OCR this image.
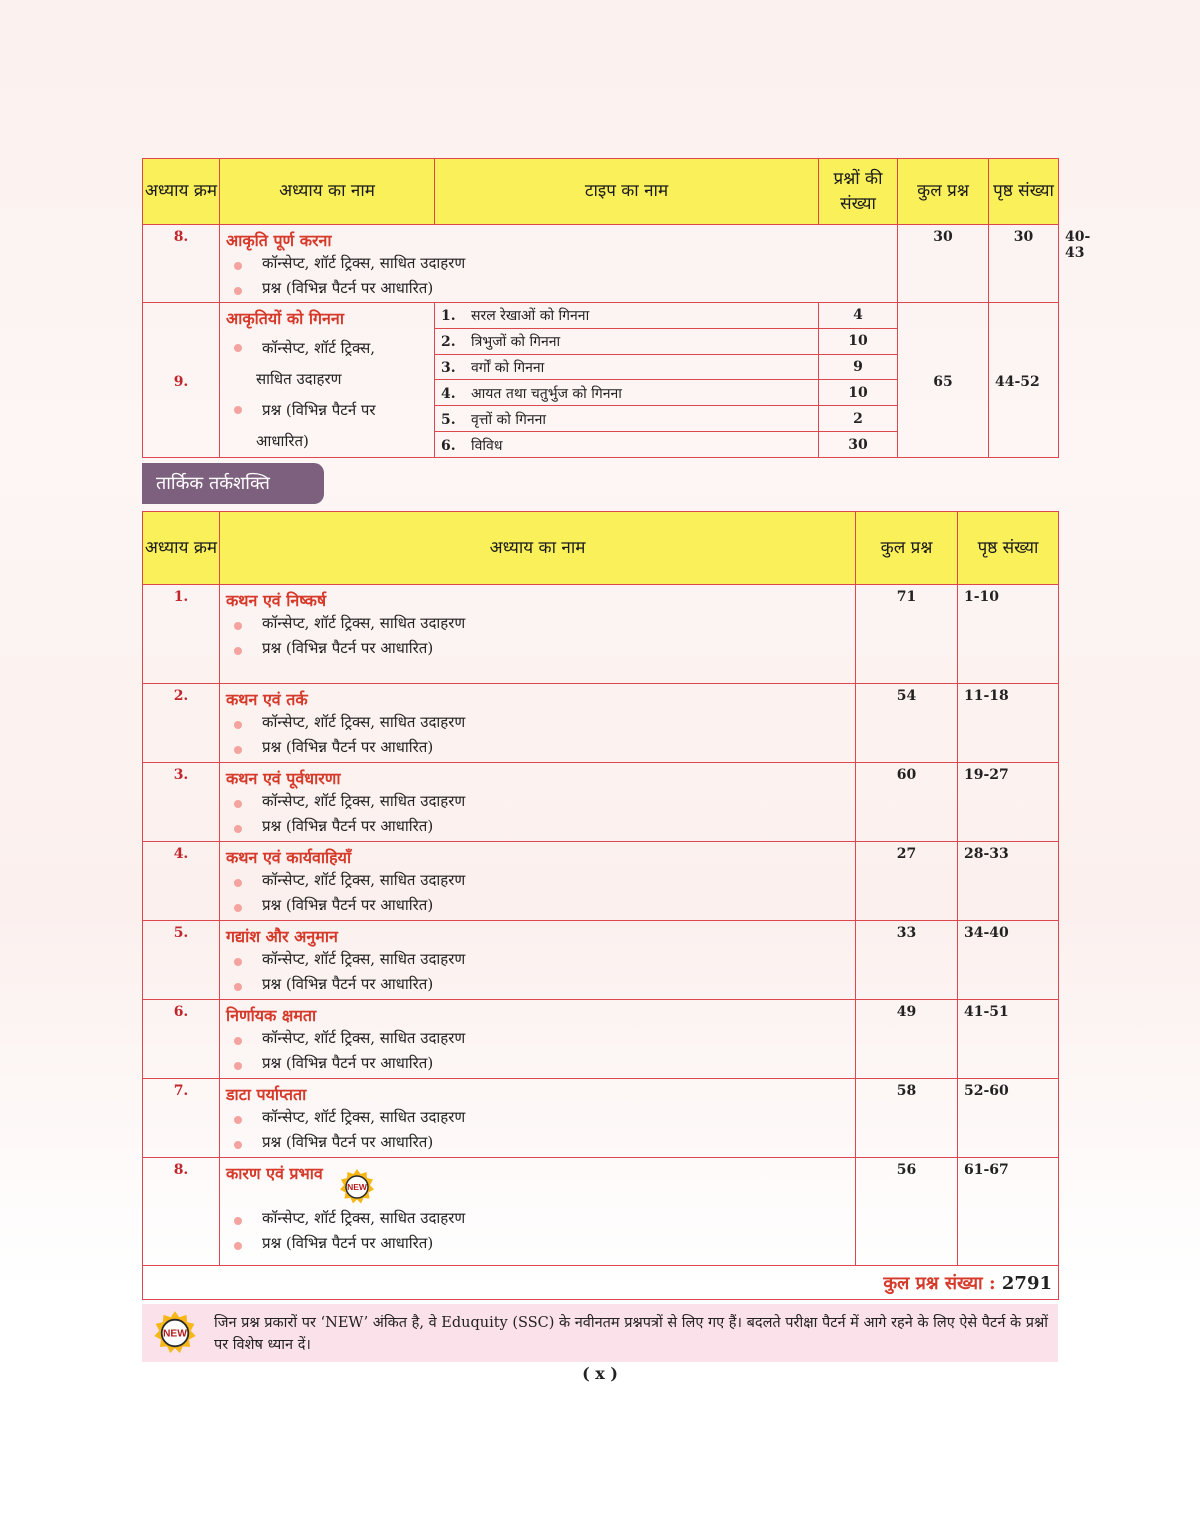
अध्याय क्रम	अध्याय का नाम	टाइप का नाम	प्रश्नों की संख्या	कुल प्रश्न	पृष्ठ संख्या	
8.	आकृति पूर्ण करना
कॉन्सेप्ट, शॉर्ट ट्रिक्स, साधित उदाहरण
प्रश्न (विभिन्न पैटर्न पर आधारित)			30	30	40-43
9.	आकृतियों को गिनना
कॉन्सेप्ट, शॉर्ट ट्रिक्स,
साधित उदाहरण
प्रश्न (विभिन्न पैटर्न पर
आधारित)	1. सरल रेखाओं को गिनना	4	65	44-52	
		2. त्रिभुजों को गिनना	10			
		3. वर्गों को गिनना	9			
		4. आयत तथा चतुर्भुज को गिनना	10			
		5. वृत्तों को गिनना	2			
		6. विविध	30			
तार्किक तर्कशक्ति
अध्याय क्रम	अध्याय का नाम	कुल प्रश्न	पृष्ठ संख्या
1.	कथन एवं निष्कर्ष
कॉन्सेप्ट, शॉर्ट ट्रिक्स, साधित उदाहरण
प्रश्न (विभिन्न पैटर्न पर आधारित)	71	1-10
2.	कथन एवं तर्क
कॉन्सेप्ट, शॉर्ट ट्रिक्स, साधित उदाहरण
प्रश्न (विभिन्न पैटर्न पर आधारित)	54	11-18
3.	कथन एवं पूर्वधारणा
कॉन्सेप्ट, शॉर्ट ट्रिक्स, साधित उदाहरण
प्रश्न (विभिन्न पैटर्न पर आधारित)	60	19-27
4.	कथन एवं कार्यवाहियाँ
कॉन्सेप्ट, शॉर्ट ट्रिक्स, साधित उदाहरण
प्रश्न (विभिन्न पैटर्न पर आधारित)	27	28-33
5.	गद्यांश और अनुमान
कॉन्सेप्ट, शॉर्ट ट्रिक्स, साधित उदाहरण
प्रश्न (विभिन्न पैटर्न पर आधारित)	33	34-40
6.	निर्णायक क्षमता
कॉन्सेप्ट, शॉर्ट ट्रिक्स, साधित उदाहरण
प्रश्न (विभिन्न पैटर्न पर आधारित)	49	41-51
7.	डाटा पर्याप्तता
कॉन्सेप्ट, शॉर्ट ट्रिक्स, साधित उदाहरण
प्रश्न (विभिन्न पैटर्न पर आधारित)	58	52-60
8.	कारण एवं प्रभाव
NEW
कॉन्सेप्ट, शॉर्ट ट्रिक्स, साधित उदाहरण
प्रश्न (विभिन्न पैटर्न पर आधारित)	56	61-67
कुल प्रश्न संख्या : 2791			
NEW
जिन प्रश्न प्रकारों पर ‘NEW’ अंकित है, वे Eduquity (SSC) के नवीनतम प्रश्नपत्रों से लिए गए हैं। बदलते परीक्षा पैटर्न में आगे रहने के लिए ऐसे पैटर्न के प्रश्नों पर विशेष ध्यान दें।
( x )
